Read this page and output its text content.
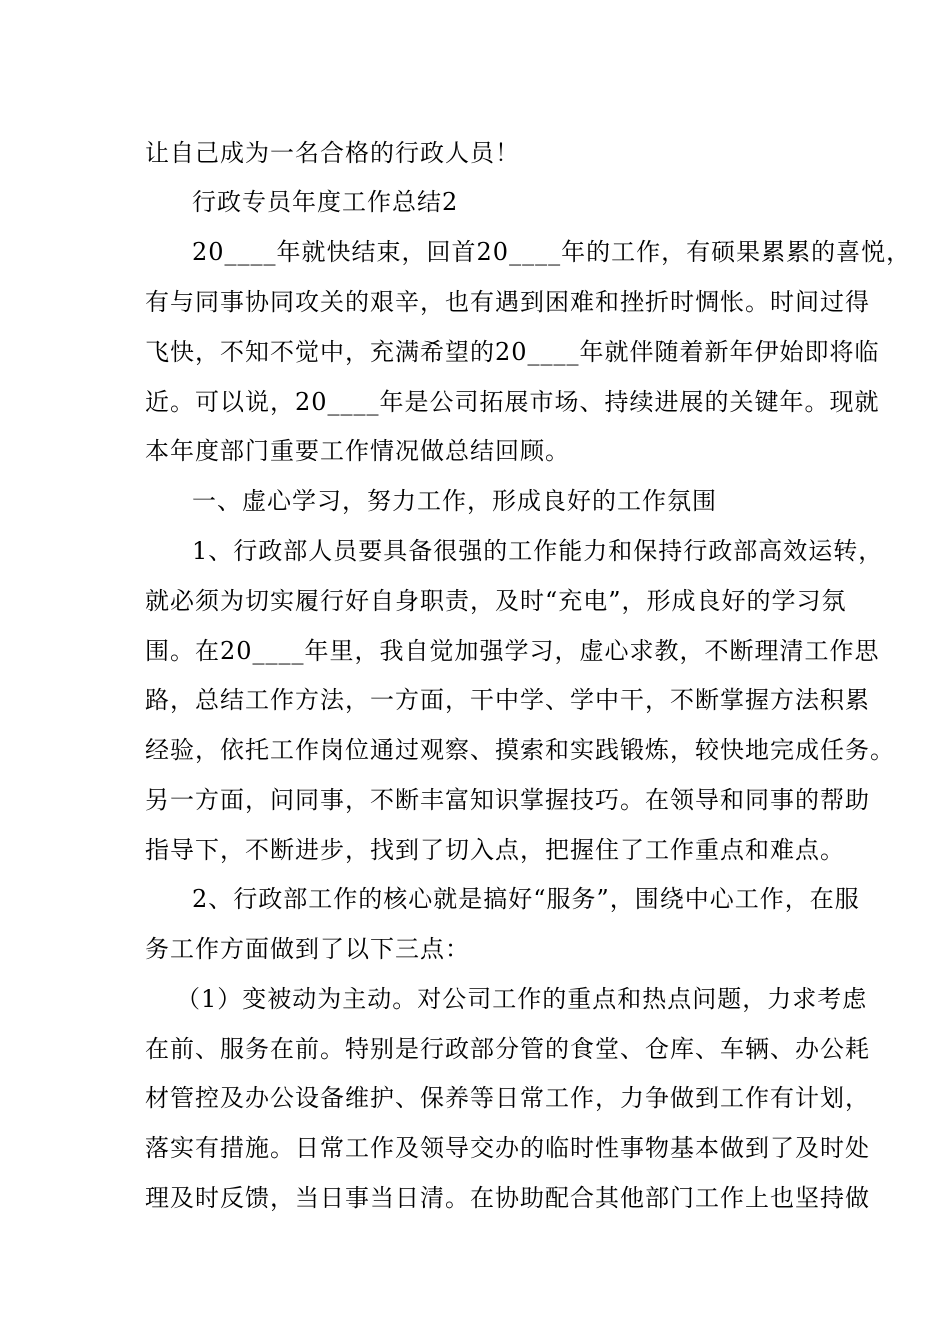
让自己成为一名合格的行政人员！
行政专员年度工作总结2
20____年就快结束，回首20____年的工作，有硕果累累的喜悦，
有与同事协同攻关的艰辛，也有遇到困难和挫折时惆怅。时间过得
飞快，不知不觉中，充满希望的20____年就伴随着新年伊始即将临
近。可以说，20____年是公司拓展市场、持续进展的关键年。现就
本年度部门重要工作情况做总结回顾。
一、虚心学习，努力工作，形成良好的工作氛围
1、行政部人员要具备很强的工作能力和保持行政部高效运转，
就必须为切实履行好自身职责，及时“充电”，形成良好的学习氛
围。在20____年里，我自觉加强学习，虚心求教，不断理清工作思
路，总结工作方法，一方面，干中学、学中干，不断掌握方法积累
经验，依托工作岗位通过观察、摸索和实践锻炼，较快地完成任务。
另一方面，问同事，不断丰富知识掌握技巧。在领导和同事的帮助
指导下，不断进步，找到了切入点，把握住了工作重点和难点。
2、行政部工作的核心就是搞好“服务”，围绕中心工作，在服
务工作方面做到了以下三点：
（1）变被动为主动。对公司工作的重点和热点问题，力求考虑
在前、服务在前。特别是行政部分管的食堂、仓库、车辆、办公耗
材管控及办公设备维护、保养等日常工作，力争做到工作有计划，
落实有措施。日常工作及领导交办的临时性事物基本做到了及时处
理及时反馈，当日事当日清。在协助配合其他部门工作上也坚持做
